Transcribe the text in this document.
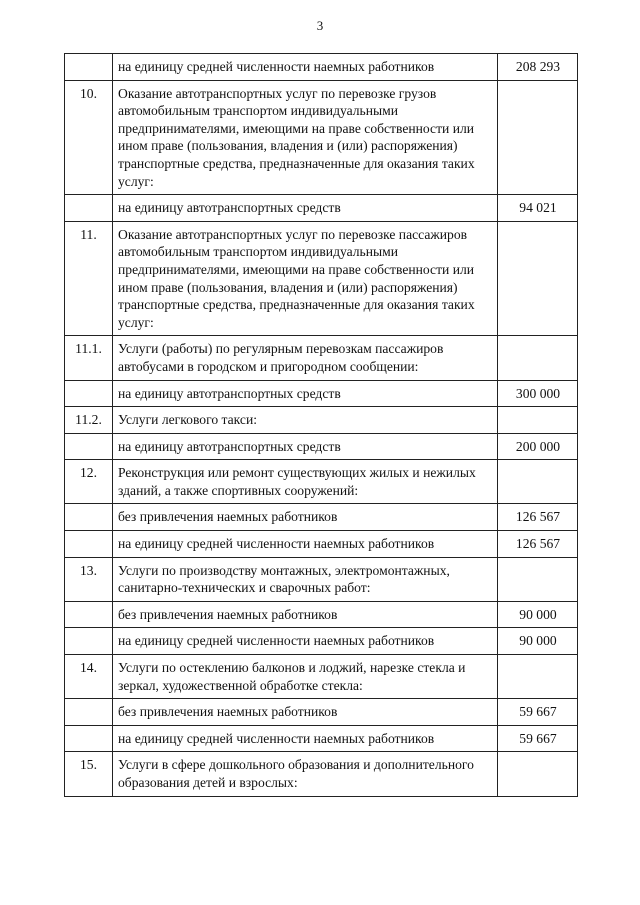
3
	на единицу средней численности наемных работников	208 293
10.	Оказание автотранспортных услуг по перевозке грузов автомобильным транспортом индивидуальными предпринимателями, имеющими на праве собственности или ином праве (пользования, владения и (или) распоряжения) транспортные средства, предназначенные для оказания таких услуг:	
	на единицу автотранспортных средств	94 021
11.	Оказание автотранспортных услуг по перевозке пассажиров автомобильным транспортом индивидуальными предпринимателями, имеющими на праве собственности или ином праве (пользования, владения и (или) распоряжения) транспортные средства, предназначенные для оказания таких услуг:	
11.1.	Услуги (работы) по регулярным перевозкам пассажиров автобусами в городском и пригородном сообщении:	
	на единицу автотранспортных средств	300 000
11.2.	Услуги легкового такси:	
	на единицу автотранспортных средств	200 000
12.	Реконструкция или ремонт существующих жилых и нежилых зданий, а также спортивных сооружений:	
	без привлечения наемных работников	126 567
	на единицу средней численности наемных работников	126 567
13.	Услуги по производству монтажных, электромонтажных, санитарно-технических и сварочных работ:	
	без привлечения наемных работников	90 000
	на единицу средней численности наемных работников	90 000
14.	Услуги по остеклению балконов и лоджий, нарезке стекла и зеркал, художественной обработке стекла:	
	без привлечения наемных работников	59 667
	на единицу средней численности наемных работников	59 667
15.	Услуги в сфере дошкольного образования и дополнительного образования детей и взрослых:	
